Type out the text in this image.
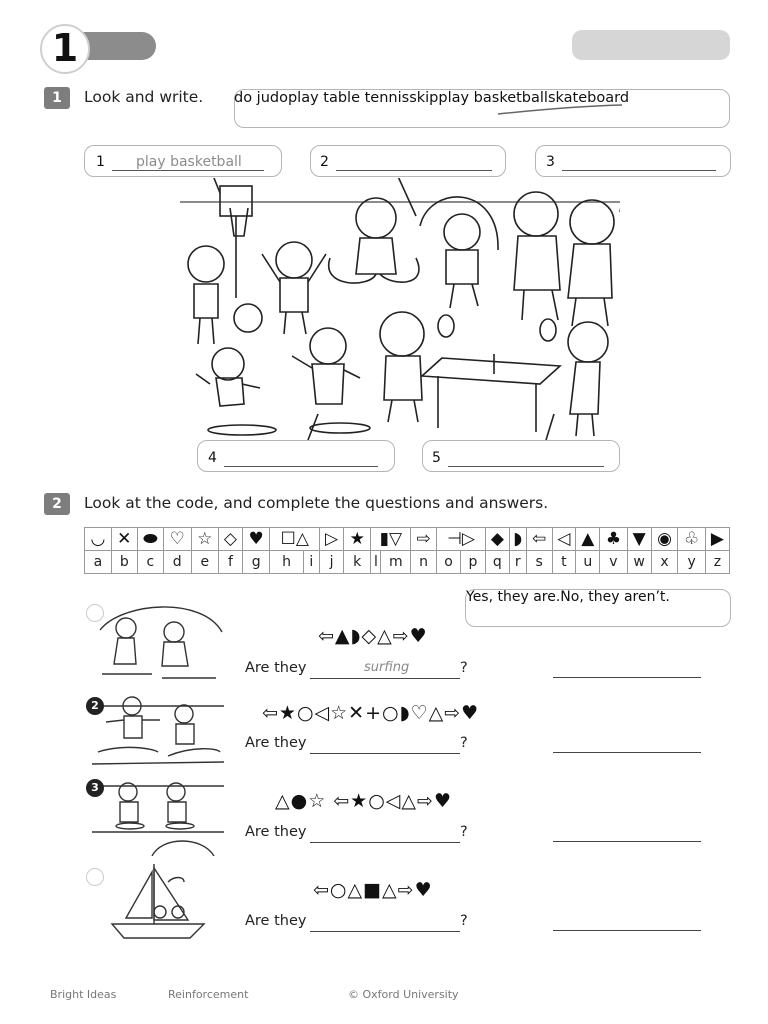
1
1	Look and write. do judoplay table tennisskipplay basketballskateboard
1 play basketball	2	3
4	5
2	Look at the code, and complete the questions and answers.
◡	✕	⬬	♡	☆	◇	♥	☐△		▷	★	▮▽		⇨	⊣▷		◆	◗	⇦	◁	▲	♣	▼	◉	♧	▶
a	b	c	d	e	f	g	h	i	j	k	l	m	n	o	p	q	r	s	t	u	v	w	x	y	z
☆
Yes, they are.No, they aren’t.
2
3
⇦▲◗◇△⇨♥
Are they	surfing	?
⇦★○◁☆✕+○◗♡△⇨♥
Are they	?
△●☆ ⇦★○◁△⇨♥
Are they	?
⇦○△■△⇨♥
Are they	?
Bright Ideas	Reinforcement	© Oxford University
